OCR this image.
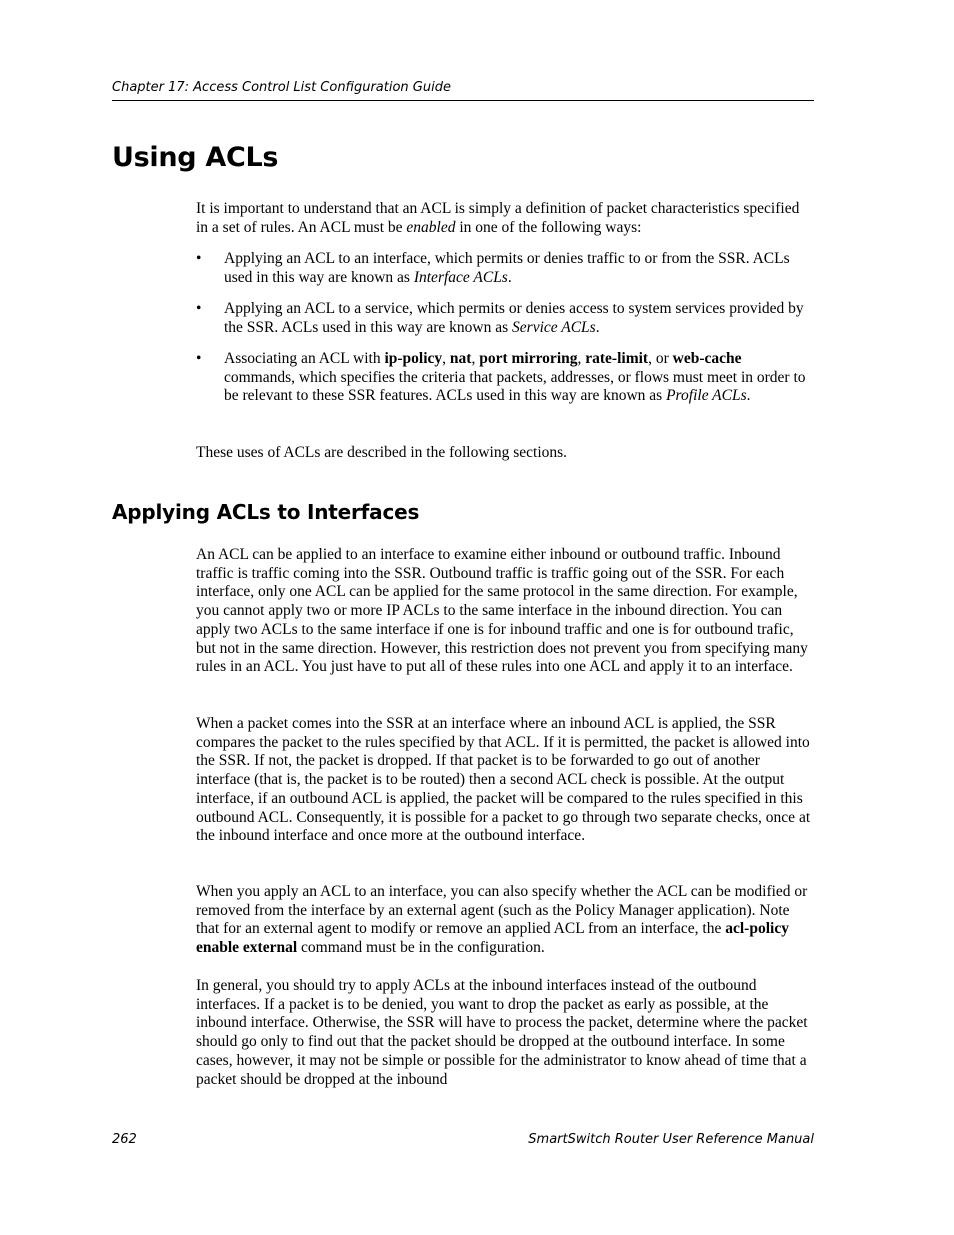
Chapter 17: Access Control List Configuration Guide
Using ACLs

It is important to understand that an ACL is simply a definition of packet characteristics specified in a set of rules. An ACL must be enabled in one of the following ways:

•	Applying an ACL to an interface, which permits or denies traffic to or from the SSR. ACLs used in this way are known as Interface ACLs.
•	Applying an ACL to a service, which permits or denies access to system services provided by the SSR. ACLs used in this way are known as Service ACLs.
•	Associating an ACL with ip-policy, nat, port mirroring, rate-limit, or web-cache commands, which specifies the criteria that packets, addresses, or flows must meet in order to be relevant to these SSR features. ACLs used in this way are known as Profile ACLs.

These uses of ACLs are described in the following sections.

Applying ACLs to Interfaces

An ACL can be applied to an interface to examine either inbound or outbound traffic. Inbound traffic is traffic coming into the SSR. Outbound traffic is traffic going out of the SSR. For each interface, only one ACL can be applied for the same protocol in the same direction. For example, you cannot apply two or more IP ACLs to the same interface in the inbound direction. You can apply two ACLs to the same interface if one is for inbound traffic and one is for outbound trafic, but not in the same direction. However, this restriction does not prevent you from specifying many rules in an ACL. You just have to put all of these rules into one ACL and apply it to an interface.

When a packet comes into the SSR at an interface where an inbound ACL is applied, the SSR compares the packet to the rules specified by that ACL. If it is permitted, the packet is allowed into the SSR. If not, the packet is dropped. If that packet is to be forwarded to go out of another interface (that is, the packet is to be routed) then a second ACL check is possible. At the output interface, if an outbound ACL is applied, the packet will be compared to the rules specified in this outbound ACL. Consequently, it is possible for a packet to go through two separate checks, once at the inbound interface and once more at the outbound interface.

When you apply an ACL to an interface, you can also specify whether the ACL can be modified or removed from the interface by an external agent (such as the Policy Manager application). Note that for an external agent to modify or remove an applied ACL from an interface, the acl-policy enable external command must be in the configuration.

In general, you should try to apply ACLs at the inbound interfaces instead of the outbound interfaces. If a packet is to be denied, you want to drop the packet as early as possible, at the inbound interface. Otherwise, the SSR will have to process the packet, determine where the packet should go only to find out that the packet should be dropped at the outbound interface. In some cases, however, it may not be simple or possible for the administrator to know ahead of time that a packet should be dropped at the inbound

262	SmartSwitch Router User Reference Manual
